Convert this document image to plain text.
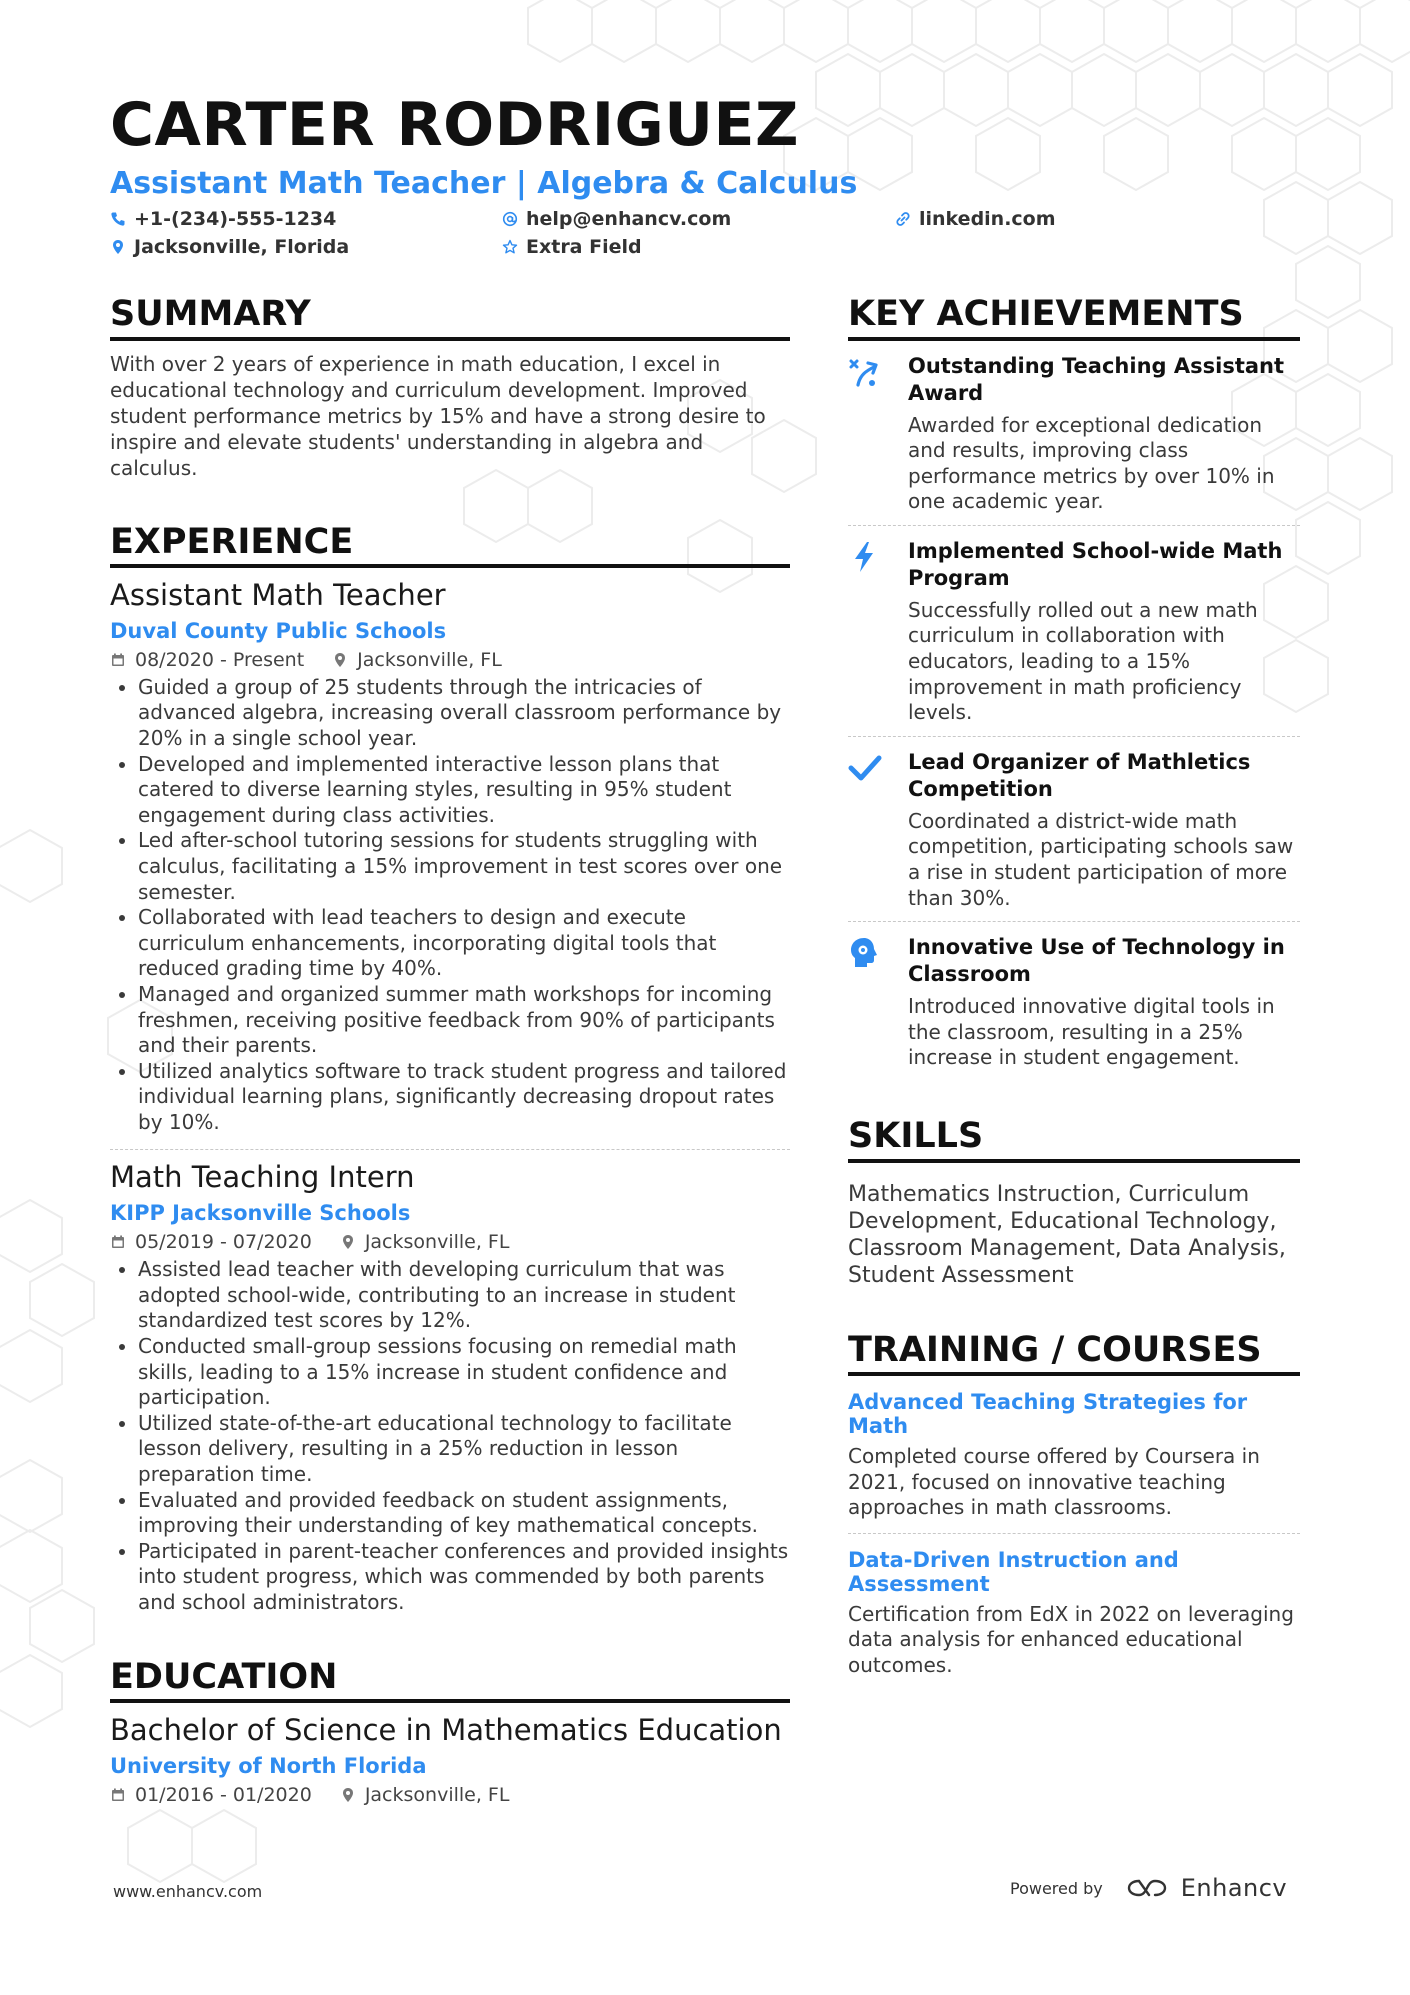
CARTER RODRIGUEZ
Assistant Math Teacher | Algebra & Calculus
+1-(234)-555-1234	help@enhancv.com	linkedin.com
Jacksonville, Florida	Extra Field
SUMMARY
With over 2 years of experience in math education, I excel in educational technology and curriculum development. Improved student performance metrics by 15% and have a strong desire to inspire and elevate students' understanding in algebra and calculus.
EXPERIENCE
Assistant Math Teacher
Duval County Public Schools
08/2020 - Present	Jacksonville, FL
• Guided a group of 25 students through the intricacies of advanced algebra, increasing overall classroom performance by 20% in a single school year.
• Developed and implemented interactive lesson plans that catered to diverse learning styles, resulting in 95% student engagement during class activities.
• Led after-school tutoring sessions for students struggling with calculus, facilitating a 15% improvement in test scores over one semester.
• Collaborated with lead teachers to design and execute curriculum enhancements, incorporating digital tools that reduced grading time by 40%.
• Managed and organized summer math workshops for incoming freshmen, receiving positive feedback from 90% of participants and their parents.
• Utilized analytics software to track student progress and tailored individual learning plans, significantly decreasing dropout rates by 10%.
Math Teaching Intern
KIPP Jacksonville Schools
05/2019 - 07/2020	Jacksonville, FL
• Assisted lead teacher with developing curriculum that was adopted school-wide, contributing to an increase in student standardized test scores by 12%.
• Conducted small-group sessions focusing on remedial math skills, leading to a 15% increase in student confidence and participation.
• Utilized state-of-the-art educational technology to facilitate lesson delivery, resulting in a 25% reduction in lesson preparation time.
• Evaluated and provided feedback on student assignments, improving their understanding of key mathematical concepts.
• Participated in parent-teacher conferences and provided insights into student progress, which was commended by both parents and school administrators.
EDUCATION
Bachelor of Science in Mathematics Education
University of North Florida
01/2016 - 01/2020	Jacksonville, FL
KEY ACHIEVEMENTS
Outstanding Teaching Assistant Award
Awarded for exceptional dedication and results, improving class performance metrics by over 10% in one academic year.
Implemented School-wide Math Program
Successfully rolled out a new math curriculum in collaboration with educators, leading to a 15% improvement in math proficiency levels.
Lead Organizer of Mathletics Competition
Coordinated a district-wide math competition, participating schools saw a rise in student participation of more than 30%.
Innovative Use of Technology in Classroom
Introduced innovative digital tools in the classroom, resulting in a 25% increase in student engagement.
SKILLS
Mathematics Instruction, Curriculum Development, Educational Technology, Classroom Management, Data Analysis, Student Assessment
TRAINING / COURSES
Advanced Teaching Strategies for Math
Completed course offered by Coursera in 2021, focused on innovative teaching approaches in math classrooms.
Data-Driven Instruction and Assessment
Certification from EdX in 2022 on leveraging data analysis for enhanced educational outcomes.
www.enhancv.com	Powered by	Enhancv
